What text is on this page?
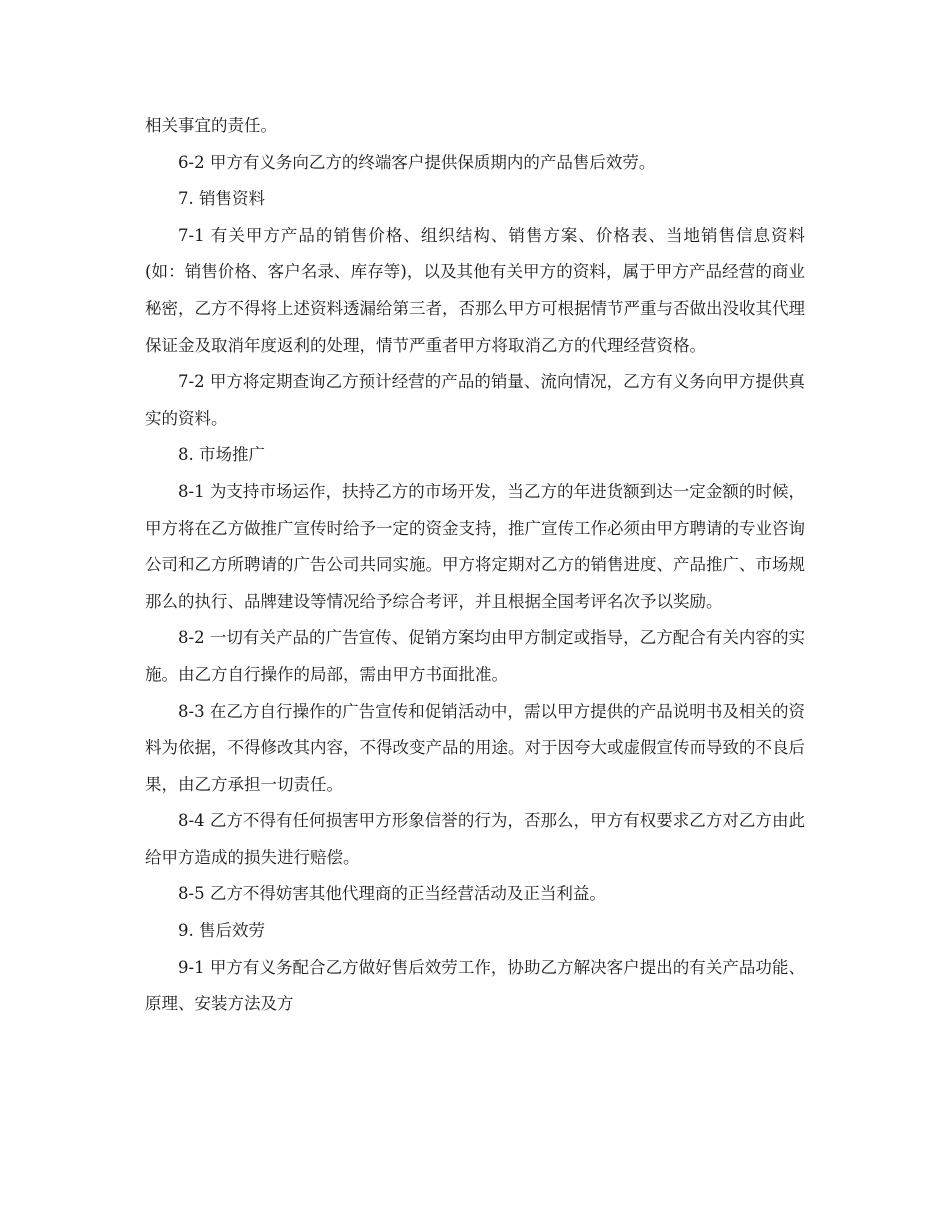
相关事宜的责任。

6-2 甲方有义务向乙方的终端客户提供保质期内的产品售后效劳。

7. 销售资料

7-1 有关甲方产品的销售价格、组织结构、销售方案、价格表、当地销售信息资料(如：销售价格、客户名录、库存等)，以及其他有关甲方的资料，属于甲方产品经营的商业秘密，乙方不得将上述资料透漏给第三者，否那么甲方可根据情节严重与否做出没收其代理保证金及取消年度返利的处理，情节严重者甲方将取消乙方的代理经营资格。

7-2 甲方将定期查询乙方预计经营的产品的销量、流向情况，乙方有义务向甲方提供真实的资料。

8. 市场推广

8-1 为支持市场运作，扶持乙方的市场开发，当乙方的年进货额到达一定金额的时候，甲方将在乙方做推广宣传时给予一定的资金支持，推广宣传工作必须由甲方聘请的专业咨询公司和乙方所聘请的广告公司共同实施。甲方将定期对乙方的销售进度、产品推广、市场规那么的执行、品牌建设等情况给予综合考评，并且根据全国考评名次予以奖励。

8-2 一切有关产品的广告宣传、促销方案均由甲方制定或指导，乙方配合有关内容的实施。由乙方自行操作的局部，需由甲方书面批准。

8-3 在乙方自行操作的广告宣传和促销活动中，需以甲方提供的产品说明书及相关的资料为依据，不得修改其内容，不得改变产品的用途。对于因夸大或虚假宣传而导致的不良后果，由乙方承担一切责任。

8-4 乙方不得有任何损害甲方形象信誉的行为，否那么，甲方有权要求乙方对乙方由此给甲方造成的损失进行赔偿。

8-5 乙方不得妨害其他代理商的正当经营活动及正当利益。

9. 售后效劳

9-1 甲方有义务配合乙方做好售后效劳工作，协助乙方解决客户提出的有关产品功能、原理、安装方法及方
